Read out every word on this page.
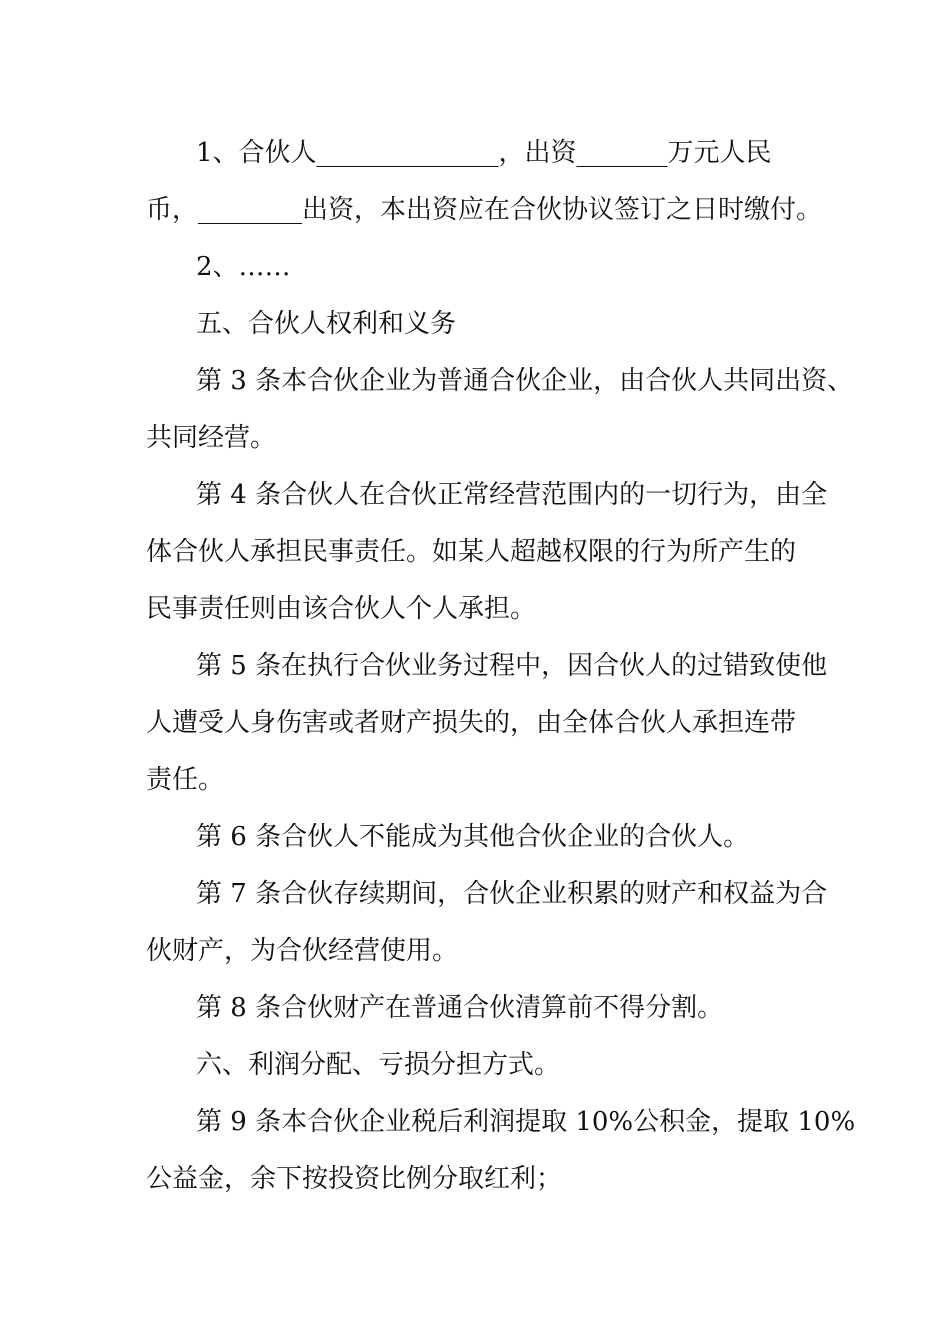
1、合伙人______________，出资_______万元人民
币，________出资，本出资应在合伙协议签订之日时缴付。
2、……
五、合伙人权利和义务
第 3 条本合伙企业为普通合伙企业，由合伙人共同出资、
共同经营。
第 4 条合伙人在合伙正常经营范围内的一切行为，由全
体合伙人承担民事责任。如某人超越权限的行为所产生的
民事责任则由该合伙人个人承担。
第 5 条在执行合伙业务过程中，因合伙人的过错致使他
人遭受人身伤害或者财产损失的，由全体合伙人承担连带
责任。
第 6 条合伙人不能成为其他合伙企业的合伙人。
第 7 条合伙存续期间，合伙企业积累的财产和权益为合
伙财产，为合伙经营使用。
第 8 条合伙财产在普通合伙清算前不得分割。
六、利润分配、亏损分担方式。
第 9 条本合伙企业税后利润提取 10%公积金，提取 10%
公益金，余下按投资比例分取红利；
